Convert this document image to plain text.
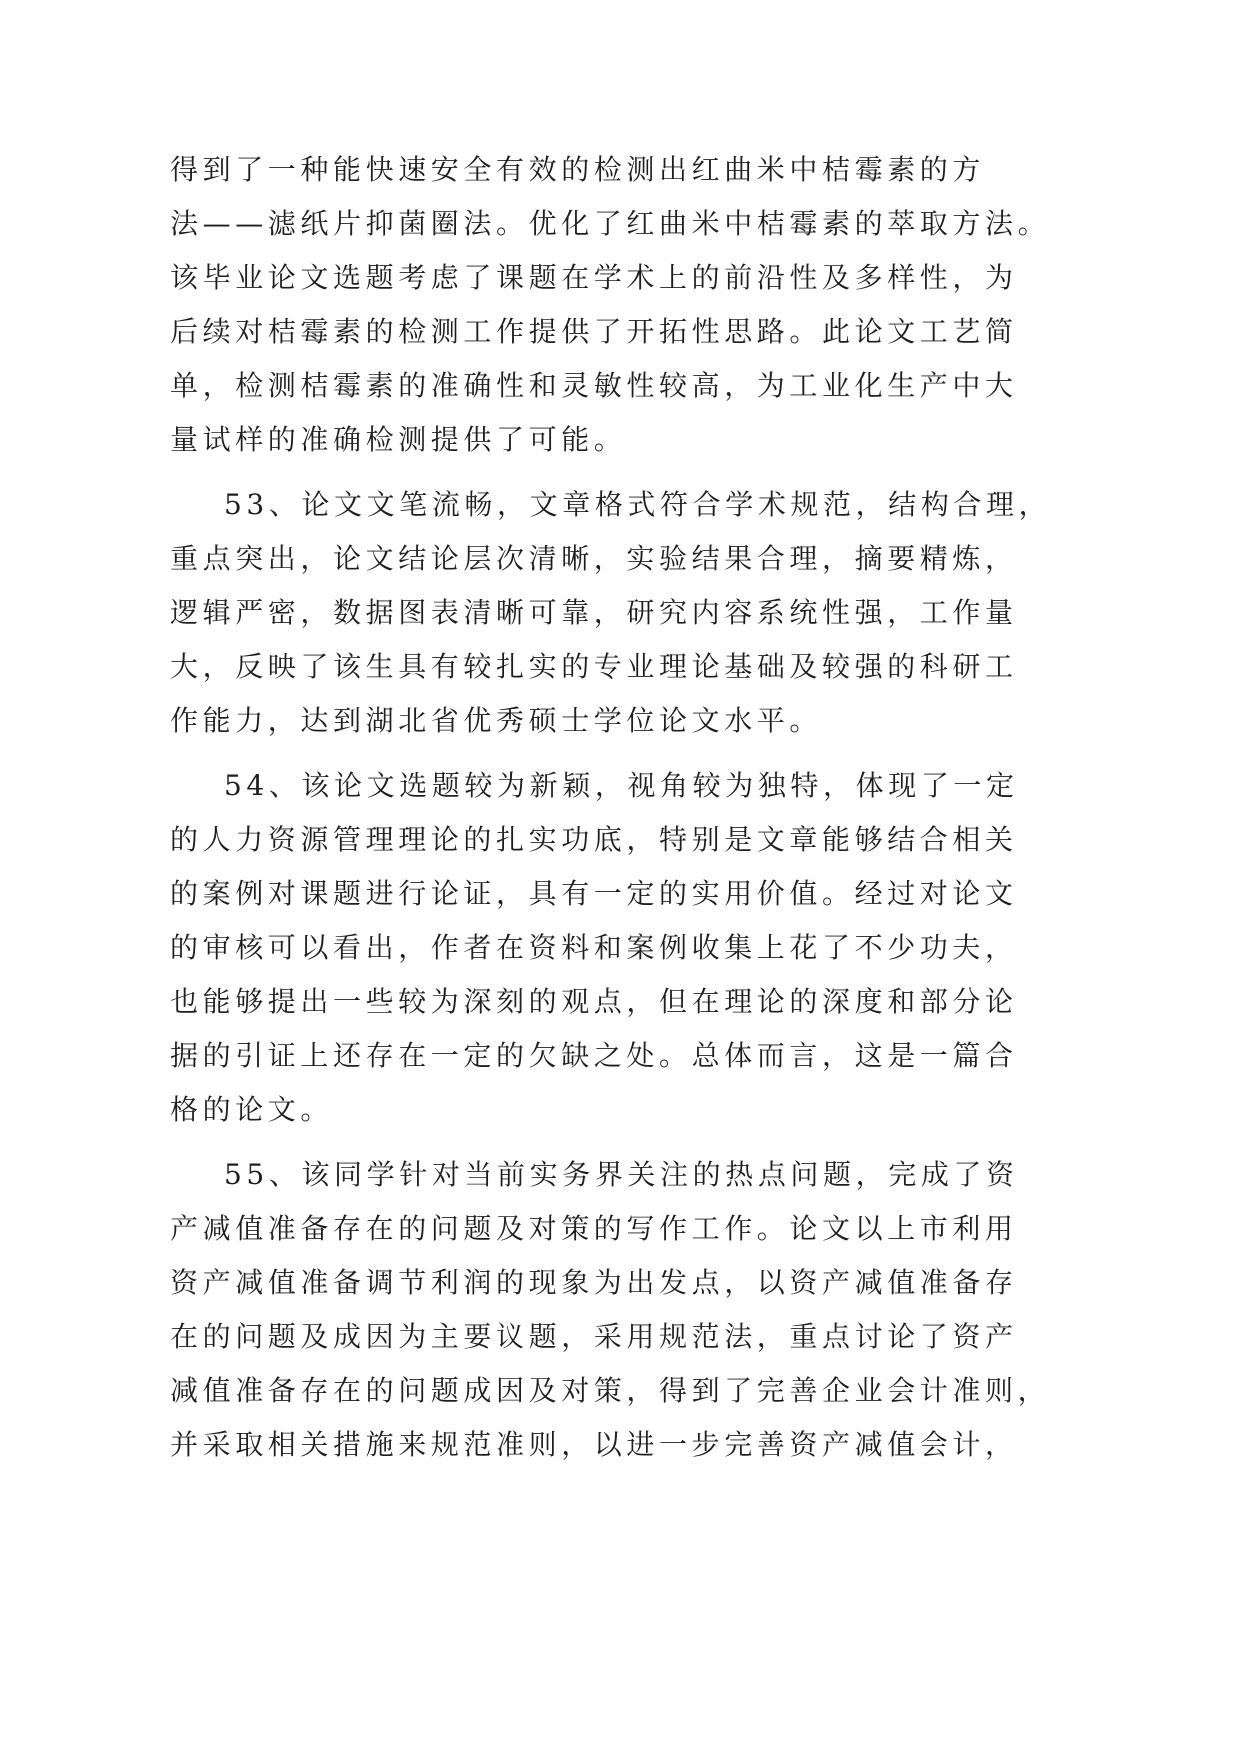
得到了一种能快速安全有效的检测出红曲米中桔霉素的方
法——滤纸片抑菌圈法。优化了红曲米中桔霉素的萃取方法。
该毕业论文选题考虑了课题在学术上的前沿性及多样性，为
后续对桔霉素的检测工作提供了开拓性思路。此论文工艺简
单，检测桔霉素的准确性和灵敏性较高，为工业化生产中大
量试样的准确检测提供了可能。
53、论文文笔流畅，文章格式符合学术规范，结构合理，
重点突出，论文结论层次清晰，实验结果合理，摘要精炼，
逻辑严密，数据图表清晰可靠，研究内容系统性强，工作量
大，反映了该生具有较扎实的专业理论基础及较强的科研工
作能力，达到湖北省优秀硕士学位论文水平。
54、该论文选题较为新颖，视角较为独特，体现了一定
的人力资源管理理论的扎实功底，特别是文章能够结合相关
的案例对课题进行论证，具有一定的实用价值。经过对论文
的审核可以看出，作者在资料和案例收集上花了不少功夫，
也能够提出一些较为深刻的观点，但在理论的深度和部分论
据的引证上还存在一定的欠缺之处。总体而言，这是一篇合
格的论文。
55、该同学针对当前实务界关注的热点问题，完成了资
产减值准备存在的问题及对策的写作工作。论文以上市利用
资产减值准备调节利润的现象为出发点，以资产减值准备存
在的问题及成因为主要议题，采用规范法，重点讨论了资产
减值准备存在的问题成因及对策，得到了完善企业会计准则，
并采取相关措施来规范准则，以进一步完善资产减值会计，
